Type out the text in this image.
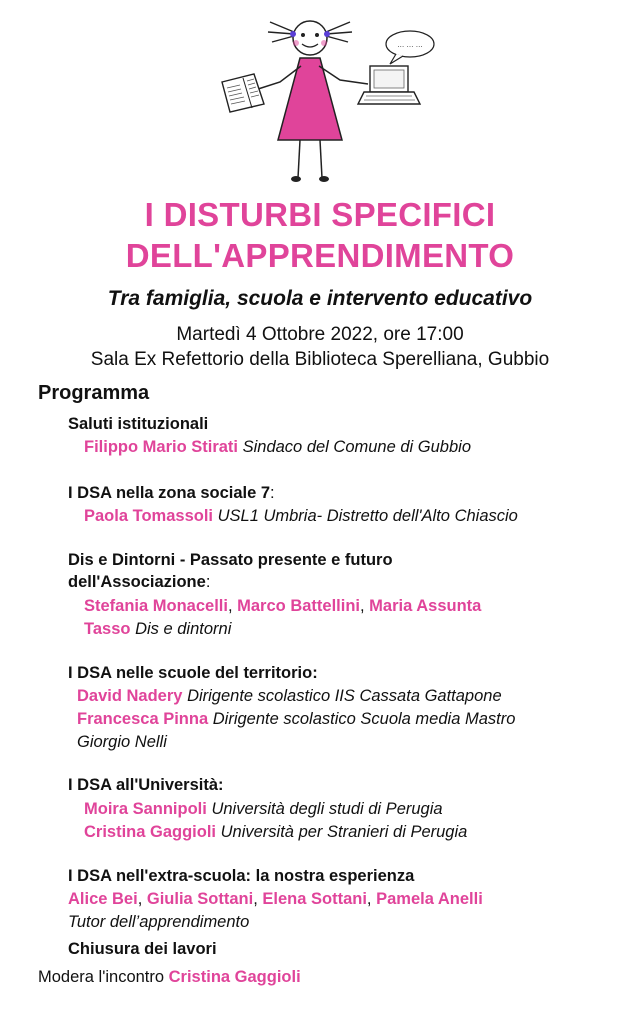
… … …
I DISTURBI SPECIFICI
DELL'APPRENDIMENTO
Tra famiglia, scuola e intervento educativo
Martedì 4 Ottobre 2022, ore 17:00
Sala Ex Refettorio della Biblioteca Sperelliana, Gubbio
Programma
Saluti istituzionali
Filippo Mario Stirati Sindaco del Comune di Gubbio
I DSA nella zona sociale 7:
Paola Tomassoli USL1 Umbria- Distretto dell'Alto Chiascio
Dis e Dintorni - Passato presente e futuro
dell'Associazione:
Stefania Monacelli, Marco Battellini, Maria Assunta
Tasso Dis e dintorni
I DSA nelle scuole del territorio:
David Nadery Dirigente scolastico IIS Cassata Gattapone
Francesca Pinna Dirigente scolastico Scuola media Mastro
Giorgio Nelli
I DSA all'Università:
Moira Sannipoli Università degli studi di Perugia
Cristina Gaggioli Università per Stranieri di Perugia
I DSA nell'extra-scuola: la nostra esperienza
Alice Bei, Giulia Sottani, Elena Sottani, Pamela Anelli
Tutor dell’apprendimento
Chiusura dei lavori
Modera l'incontro Cristina Gaggioli
